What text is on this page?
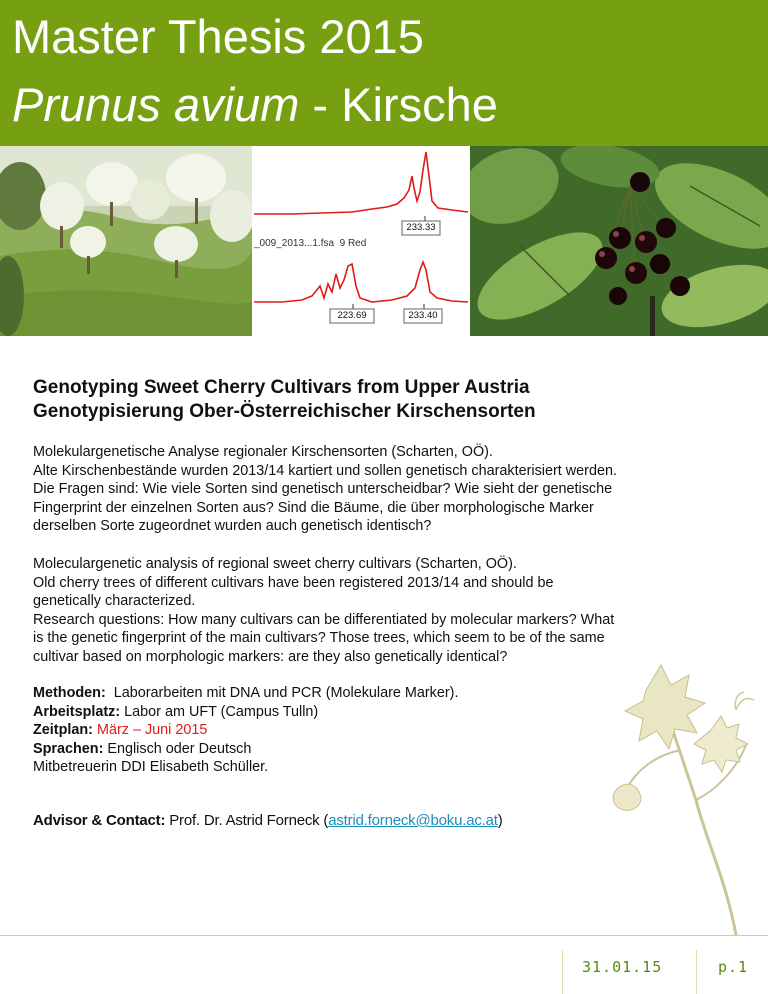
Master Thesis 2015
Prunus avium - Kirsche
233.33
_009_2013...1.fsa  9 Red
223.69	233.40
Genotyping Sweet Cherry Cultivars from Upper Austria
Genotypisierung Ober-Österreichischer Kirschensorten
Molekulargenetische Analyse regionaler Kirschensorten (Scharten, OÖ).
Alte Kirschenbestände wurden 2013/14 kartiert und sollen genetisch charakterisiert werden.
Die Fragen sind: Wie viele Sorten sind genetisch unterscheidbar? Wie sieht der genetische
Fingerprint der einzelnen Sorten aus? Sind die Bäume, die über morphologische Marker
derselben Sorte zugeordnet wurden auch genetisch identisch?
Moleculargenetic analysis of regional sweet cherry cultivars (Scharten, OÖ).
Old cherry trees of different cultivars have been registered 2013/14 and should be
genetically characterized.
Research questions: How many cultivars can be differentiated by molecular markers? What
is the genetic fingerprint of the main cultivars? Those trees, which seem to be of the same
cultivar based on morphologic markers: are they also genetically identical?
Methoden: Laborarbeiten mit DNA und PCR (Molekulare Marker).
Arbeitsplatz: Labor am UFT (Campus Tulln)
Zeitplan: März – Juni 2015
Sprachen: Englisch oder Deutsch
Mitbetreuerin DDI Elisabeth Schüller.
Advisor & Contact: Prof. Dr. Astrid Forneck (astrid.forneck@boku.ac.at)
31.01.15	p.1
